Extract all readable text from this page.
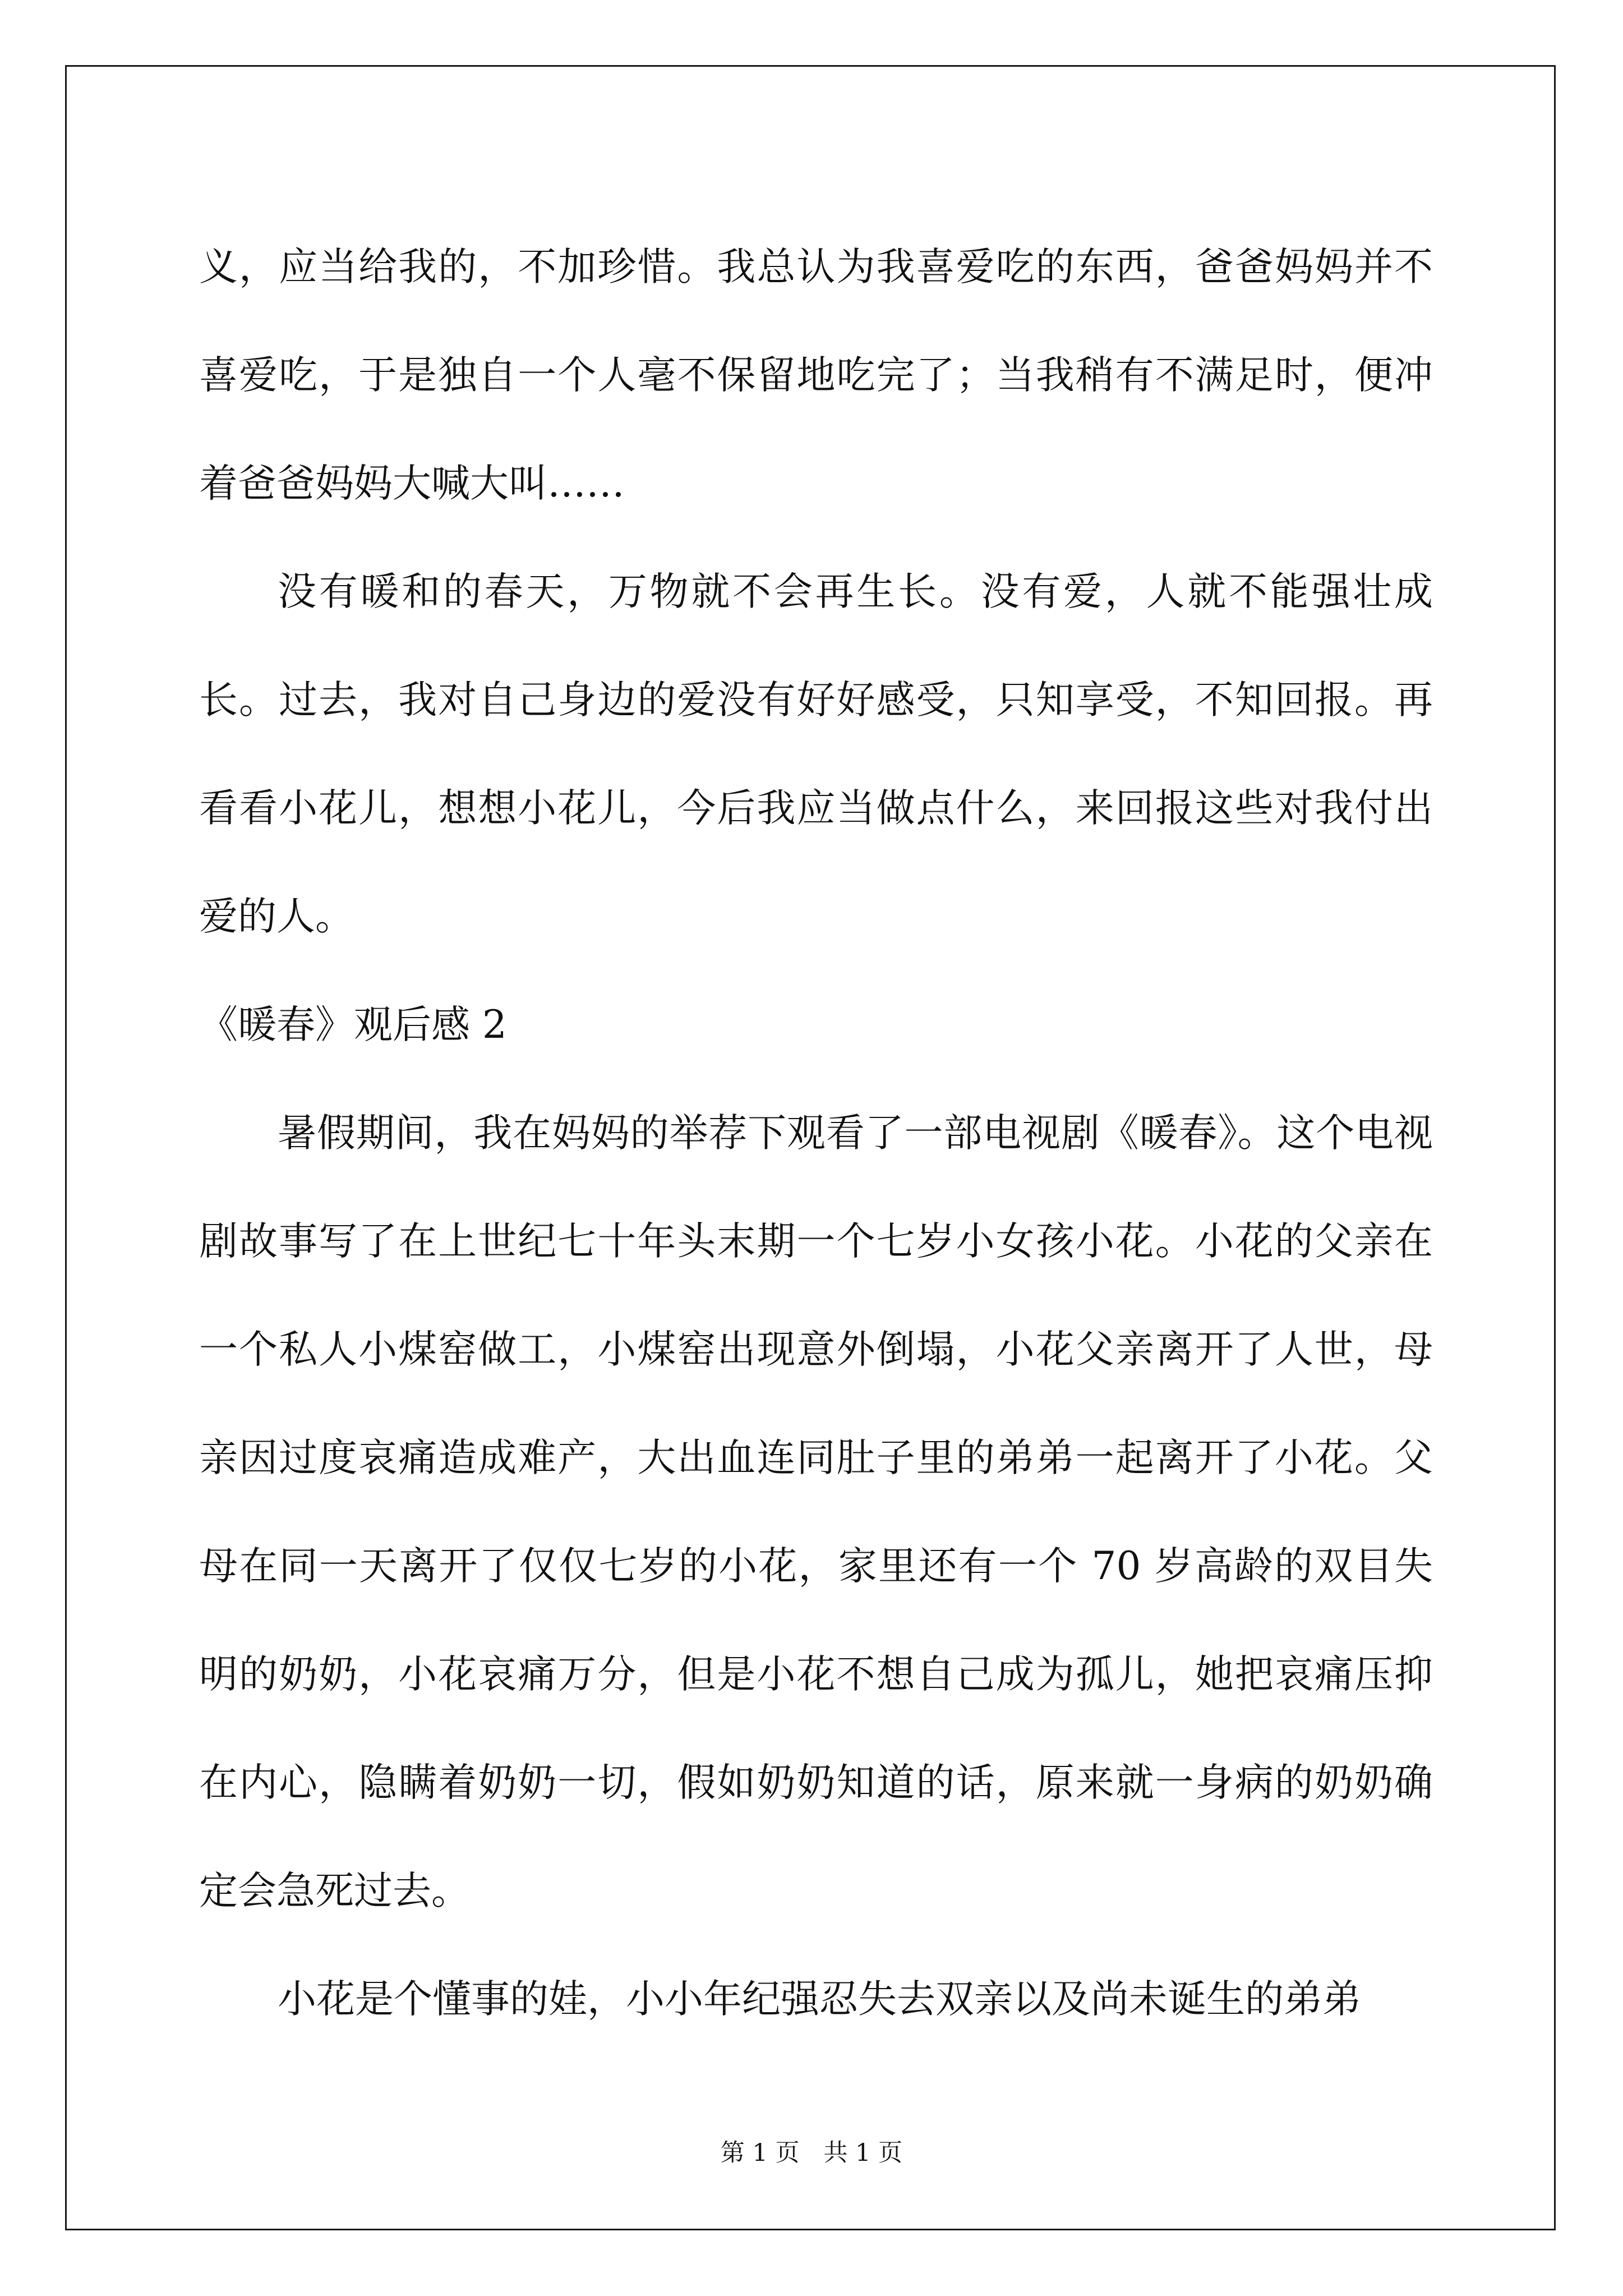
义，应当给我的，不加珍惜。我总认为我喜爱吃的东西，爸爸妈妈并不喜爱吃，于是独自一个人毫不保留地吃完了；当我稍有不满足时，便冲着爸爸妈妈大喊大叫……

没有暖和的春天，万物就不会再生长。没有爱，人就不能强壮成长。过去，我对自己身边的爱没有好好感受，只知享受，不知回报。再看看小花儿，想想小花儿，今后我应当做点什么，来回报这些对我付出爱的人。

《暖春》观后感 2

暑假期间，我在妈妈的举荐下观看了一部电视剧《暖春》。这个电视剧故事写了在上世纪七十年头末期一个七岁小女孩小花。小花的父亲在一个私人小煤窑做工，小煤窑出现意外倒塌，小花父亲离开了人世，母亲因过度哀痛造成难产，大出血连同肚子里的弟弟一起离开了小花。父母在同一天离开了仅仅七岁的小花，家里还有一个 70 岁高龄的双目失明的奶奶，小花哀痛万分，但是小花不想自己成为孤儿，她把哀痛压抑在内心，隐瞒着奶奶一切，假如奶奶知道的话，原来就一身病的奶奶确定会急死过去。

小花是个懂事的娃，小小年纪强忍失去双亲以及尚未诞生的弟弟

第 1 页　共 1 页
